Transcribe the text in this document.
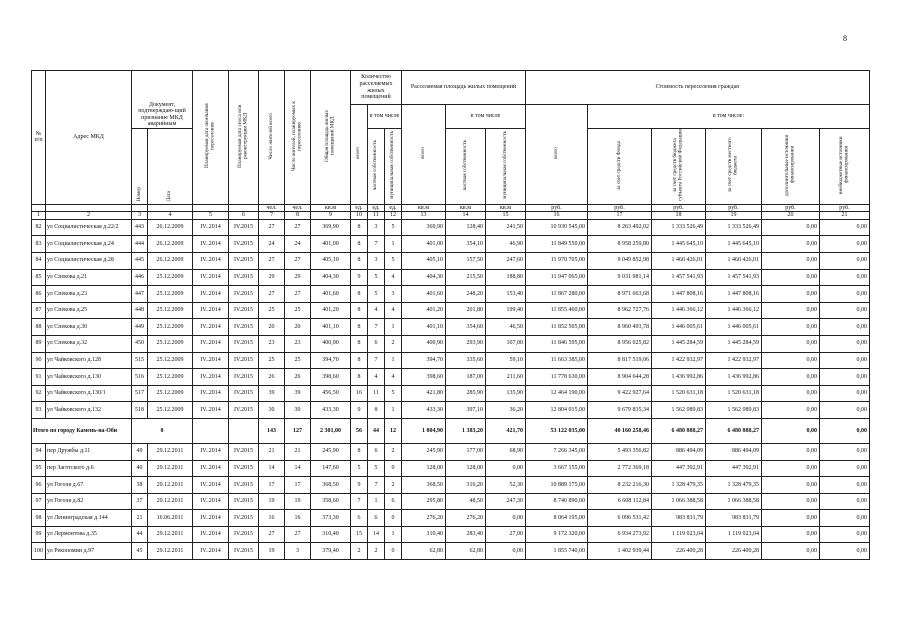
8
№ п/п	Адрес МКД	Документ, подтверждаю-щий признание МКД аварийным		Планируемая дата окончания переселения	Планируемая дата сноса или реконструкции МКД	Число жителей всего	Число жителей, планируемых к переселению	Общая площадь жилых помещений МКД	Количество расселяемых жилых помещений			Расселяемая площадь жилых помещений			Стоимость переселения граждан					
									всего	в том числе		всего	в том числе		всего	в том числе:				
		Номер	Дата							частная собственность	муниципальная собственность		частная собственность	муниципальная собственность		за счет средств Фонда	за счет средств бюджета субъекта Российской Федерации	за счет средств местного бюджета	дополнительные источники финансирования	внебюджетные источники финансирования
						чел.	чел.	кв.м	ед.	ед.	ед.	кв.м	кв.м	кв.м	руб.	руб.	руб.	руб.	руб.	руб.
1	2	3	4	5	6	7	8	9	10	11	12	13	14	15	16	17	18	19	20	21
82	ул Социалистическая д.22/2	443	26.12.2009	IV..2014	IV.2015	27	27	369,90	8	3	5	369,90	128,40	241,50	10 930 545,00	8 263 492,02	1 333 526,49	1 333 526,49	0,00	0,00
83	ул Социалистическая д.24	444	26.12.2009	IV..2014	IV.2015	24	24	401,00	8	7	1	401,00	354,10	46,90	11 849 550,00	8 958 259,80	1 445 645,10	1 445 645,10	0,00	0,00
84	ул Социалистическая д.28	445	26.12.2009	IV..2014	IV.2015	27	27	405,10	8	3	5	405,10	157,50	247,60	11 970 705,00	9 049 852,98	1 460 426,01	1 460 426,01	0,00	0,00
85	ул Спекова д.21	446	25.12.2009	IV..2014	IV.2015	29	29	404,30	9	5	4	404,30	215,50	188,80	11 947 065,00	9 031 981,14	1 457 541,93	1 457 541,93	0,00	0,00
86	ул Спекова д.23	447	25.12.2009	IV..2014	IV.2015	27	27	401,60	8	5	3	401,60	248,20	153,40	11 867 280,00	8 971 663,68	1 447 808,16	1 447 808,16	0,00	0,00
87	ул Спекова д.25	448	25.12.2009	IV..2014	IV.2015	25	25	401,20	8	4	4	401,20	201,80	199,40	11 855 460,00	8 962 727,76	1 446 366,12	1 446 366,12	0,00	0,00
88	ул Спекова д.30	449	25.12.2009	IV..2014	IV.2015	20	20	401,10	8	7	1	401,10	354,60	46,50	11 852 505,00	8 960 493,78	1 446 005,61	1 446 005,61	0,00	0,00
89	ул Спекова д.32	450	25.12.2009	IV..2014	IV.2015	23	23	400,90	8	6	2	400,90	293,90	107,00	11 846 595,00	8 956 025,82	1 445 284,59	1 445 284,59	0,00	0,00
90	ул Чайковского д.128	515	25.12.2009	IV..2014	IV.2015	25	25	394,70	8	7	1	394,70	335,60	59,10	11 663 385,00	8 817 519,06	1 422 932,97	1 422 932,97	0,00	0,00
91	ул Чайковского д.130	516	25.12.2009	IV..2014	IV.2015	26	26	398,60	8	4	4	398,60	187,00	211,60	11 778 630,00	8 904 644,28	1 436 992,86	1 436 992,86	0,00	0,00
92	ул Чайковского д.130/1	517	25.12.2009	IV..2014	IV.2015	39	39	456,50	16	11	5	421,80	285,90	135,90	12 464 190,00	9 422 927,64	1 520 631,18	1 520 631,18	0,00	0,00
93	ул Чайковского д.132	518	25.12.2009	IV..2014	IV.2015	30	30	433,30	9	8	1	433,30	397,10	36,20	12 804 015,00	9 679 835,34	1 562 089,83	1 562 089,83	0,00	0,00
Итого по городу Камень-на-Оби		8				143	127	2 301,00	56	44	12	1 804,90	1 383,20	421,70	53 122 035,00	40 160 258,46	6 480 888,27	6 480 888,27	0,00	0,00
94	пер Дружбы д.11	49	29.12.2011	IV..2014	IV.2015	21	21	245,90	8	6	2	245,90	177,00	68,90	7 266 345,00	5 493 356,82	886 494,09	886 494,09	0,00	0,00
95	пер Заготского д.6	40	29.12.2011	IV..2014	IV.2015	14	14	147,60	5	5	0	128,00	128,00	0,00	3 667 155,00	2 772 369,18	447 392,91	447 392,91	0,00	0,00
96	ул Гоголя д.67	38	29.12.2011	IV..2014	IV.2015	17	17	368,50	9	7	2	368,50	316,20	52,30	10 889 175,00	8 232 216,30	1 328 479,35	1 328 479,35	0,00	0,00
97	ул Гоголя д.82	37	29.12.2011	IV..2014	IV.2015	19	19	358,60	7	1	6	295,80	48,50	247,30	8 740 890,00	6 608 112,84	1 066 388,58	1 066 388,58	0,00	0,00
98	ул Ленинградская д.144	21	16.06.2011	IV..2014	IV.2015	16	16	373,30	6	6	0	276,20	276,20	0,00	8 064 195,00	6 096 531,42	983 831,79	983 831,79	0,00	0,00
99	ул Лермонтова д.35	44	29.12.2011	IV..2014	IV.2015	27	27	310,40	15	14	1	310,40	283,40	27,00	9 172 320,00	6 934 273,92	1 119 023,04	1 119 023,04	0,00	0,00
100	ул Рекопомии д.97	45	29.12.2011	IV..2014	IV.2015	19	3	379,40	2	2	0	62,80	62,80	0,00	1 855 740,00	1 402 939,44	226 400,28	226 400,28	0,00	0,00
